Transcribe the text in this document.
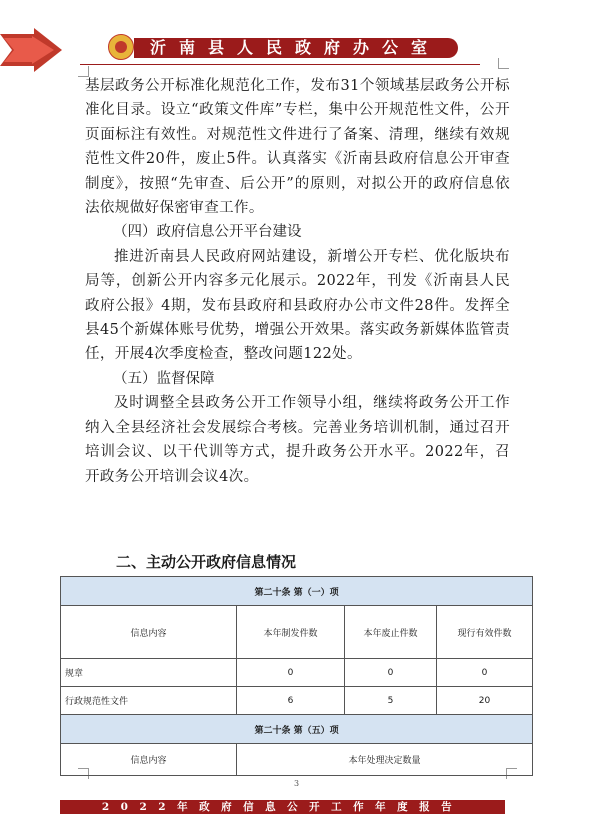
沂南县人民政府办公室

基层政务公开标准化规范化工作，发布31个领域基层政务公开标准化目录。设立“政策文件库”专栏，集中公开规范性文件，公开页面标注有效性。对规范性文件进行了备案、清理，继续有效规范性文件20件，废止5件。认真落实《沂南县政府信息公开审查制度》，按照“先审查、后公开”的原则，对拟公开的政府信息依法依规做好保密审查工作。

（四）政府信息公开平台建设

推进沂南县人民政府网站建设，新增公开专栏、优化版块布局等，创新公开内容多元化展示。2022年，刊发《沂南县人民政府公报》4期，发布县政府和县政府办公市文件28件。发挥全县45个新媒体账号优势，增强公开效果。落实政务新媒体监管责任，开展4次季度检查，整改问题122处。

（五）监督保障

及时调整全县政务公开工作领导小组，继续将政务公开工作纳入全县经济社会发展综合考核。完善业务培训机制，通过召开培训会议、以干代训等方式，提升政务公开水平。2022年，召开政务公开培训会议4次。

二、主动公开政府信息情况
第二十条 第（一）项			
信息内容	本年制发件数	本年废止件数	现行有效件数
规章	0	0	0
行政规范性文件	6	5	20
第二十条 第（五）项			
信息内容	本年处理决定数量		
3
2022年政府信息公开工作年度报告
